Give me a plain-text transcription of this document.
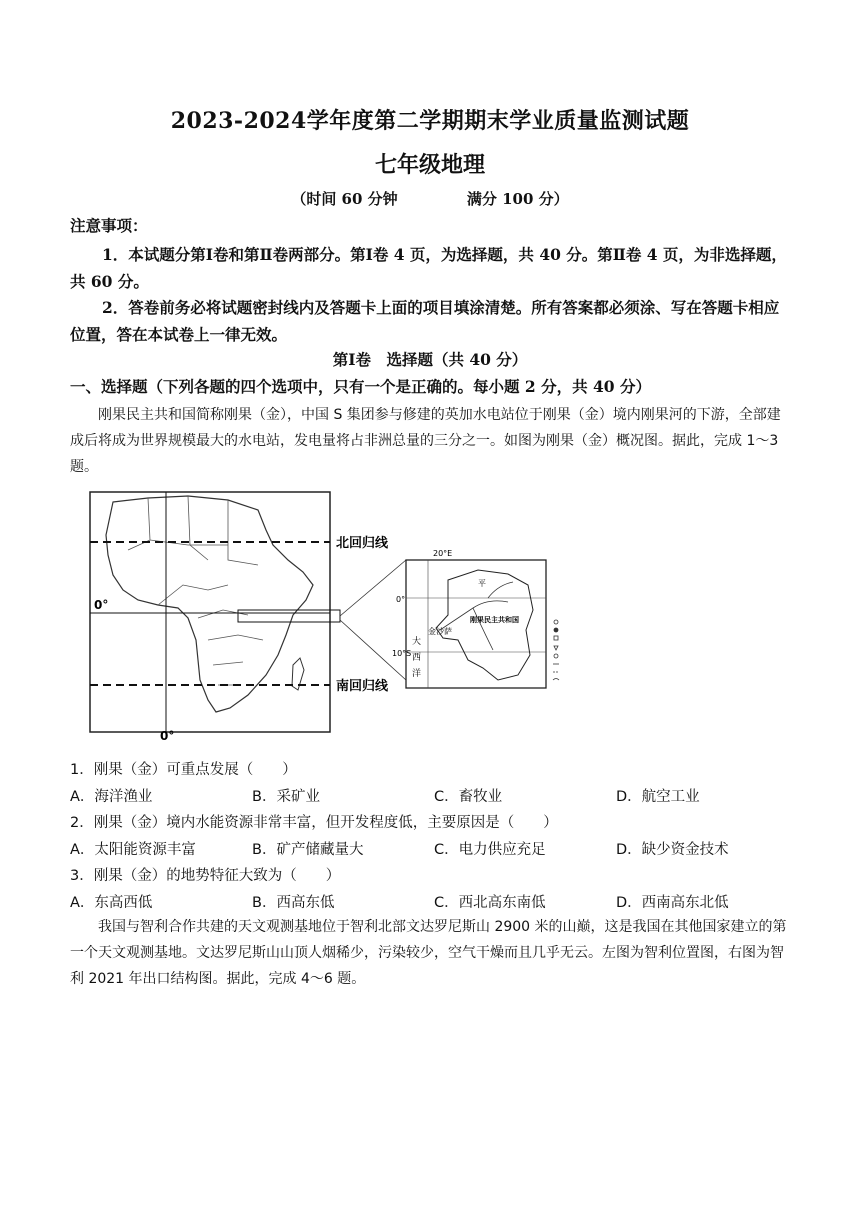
2023-2024学年度第二学期期末学业质量监测试题
七年级地理
（时间 60 分钟	满分 100 分）
注意事项：
1．本试题分第Ⅰ卷和第Ⅱ卷两部分。第Ⅰ卷 4 页，为选择题，共 40 分。第Ⅱ卷 4 页，为非选择题，共 60 分。
2．答卷前务必将试题密封线内及答题卡上面的项目填涂清楚。所有答案都必须涂、写在答题卡相应位置，答在本试卷上一律无效。
第Ⅰ卷　选择题（共 40 分）
一、选择题（下列各题的四个选项中，只有一个是正确的。每小题 2 分，共 40 分）
刚果民主共和国简称刚果（金），中国 S 集团参与修建的英加水电站位于刚果（金）境内刚果河的下游，全部建成后将成为世界规模最大的水电站，发电量将占非洲总量的三分之一。如图为刚果（金）概况图。据此，完成 1～3 题。
北回归线
南回归线
0°
0°
20°E
0°
10°S
刚果民主共和国
金沙萨
平
大
西
洋
1．刚果（金）可重点发展（　　）
A．海洋渔业	B．采矿业	C．畜牧业	D．航空工业
2．刚果（金）境内水能资源非常丰富，但开发程度低，主要原因是（　　）
A．太阳能资源丰富	B．矿产储藏量大	C．电力供应充足	D．缺少资金技术
3．刚果（金）的地势特征大致为（　　）
A．东高西低	B．西高东低	C．西北高东南低	D．西南高东北低
我国与智利合作共建的天文观测基地位于智利北部文达罗尼斯山 2900 米的山巅，这是我国在其他国家建立的第一个天文观测基地。文达罗尼斯山山顶人烟稀少，污染较少，空气干燥而且几乎无云。左图为智利位置图，右图为智利 2021 年出口结构图。据此，完成 4～6 题。
